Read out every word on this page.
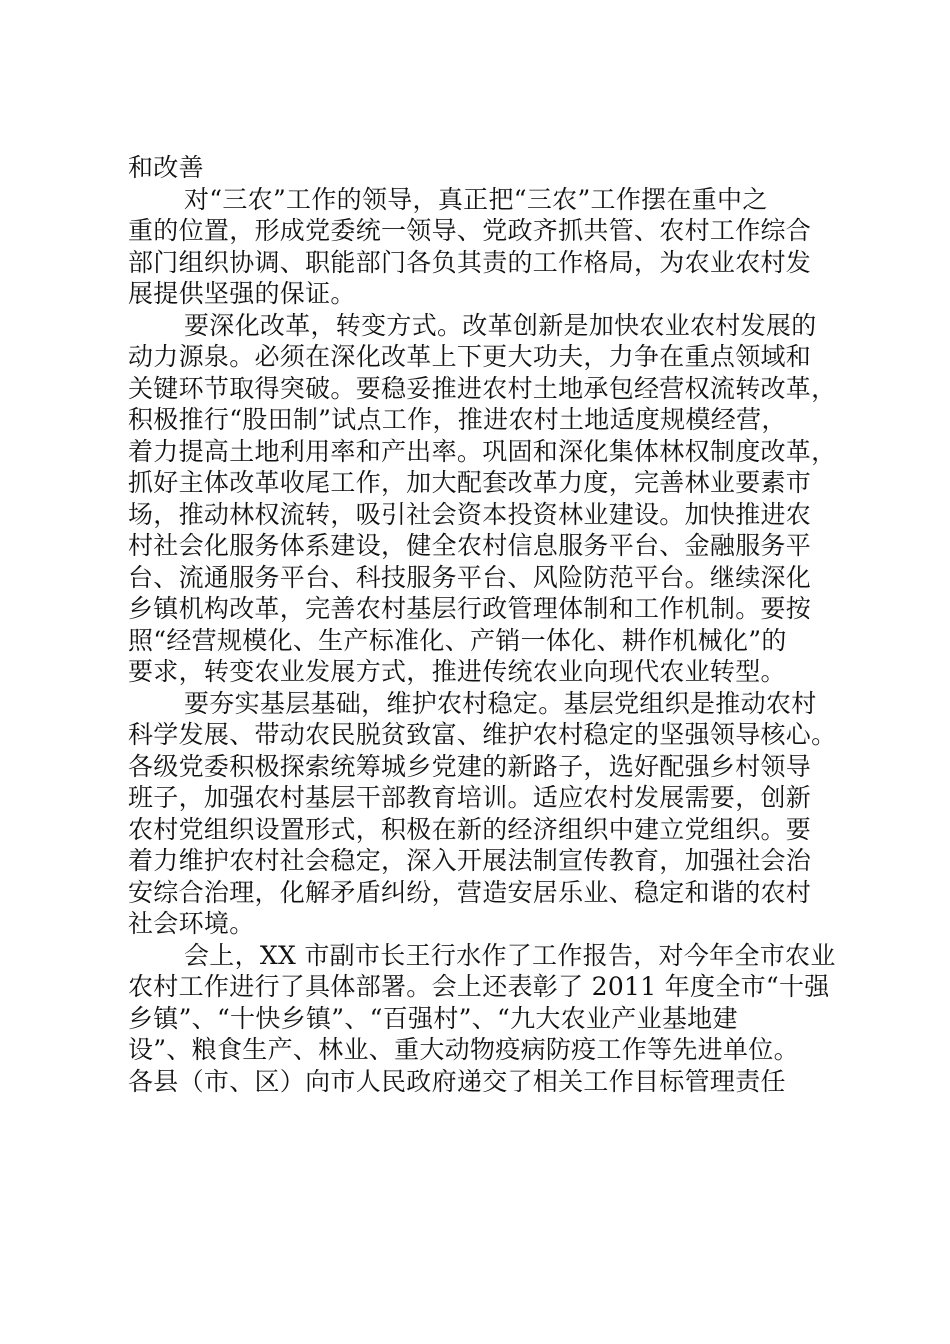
和改善
对“三农”工作的领导，真正把“三农”工作摆在重中之
重的位置，形成党委统一领导、党政齐抓共管、农村工作综合
部门组织协调、职能部门各负其责的工作格局，为农业农村发
展提供坚强的保证。
要深化改革，转变方式。改革创新是加快农业农村发展的
动力源泉。必须在深化改革上下更大功夫，力争在重点领域和
关键环节取得突破。要稳妥推进农村土地承包经营权流转改革，
积极推行“股田制”试点工作，推进农村土地适度规模经营，
着力提高土地利用率和产出率。巩固和深化集体林权制度改革，
抓好主体改革收尾工作，加大配套改革力度，完善林业要素市
场，推动林权流转，吸引社会资本投资林业建设。加快推进农
村社会化服务体系建设，健全农村信息服务平台、金融服务平
台、流通服务平台、科技服务平台、风险防范平台。继续深化
乡镇机构改革，完善农村基层行政管理体制和工作机制。要按
照“经营规模化、生产标准化、产销一体化、耕作机械化”的
要求，转变农业发展方式，推进传统农业向现代农业转型。
要夯实基层基础，维护农村稳定。基层党组织是推动农村
科学发展、带动农民脱贫致富、维护农村稳定的坚强领导核心。
各级党委积极探索统筹城乡党建的新路子，选好配强乡村领导
班子，加强农村基层干部教育培训。适应农村发展需要，创新
农村党组织设置形式，积极在新的经济组织中建立党组织。要
着力维护农村社会稳定，深入开展法制宣传教育，加强社会治
安综合治理，化解矛盾纠纷，营造安居乐业、稳定和谐的农村
社会环境。
会上，XX 市副市长王行水作了工作报告，对今年全市农业
农村工作进行了具体部署。会上还表彰了 2011 年度全市“十强
乡镇”、“十快乡镇”、“百强村”、“九大农业产业基地建
设”、粮食生产、林业、重大动物疫病防疫工作等先进单位。
各县（市、区）向市人民政府递交了相关工作目标管理责任
